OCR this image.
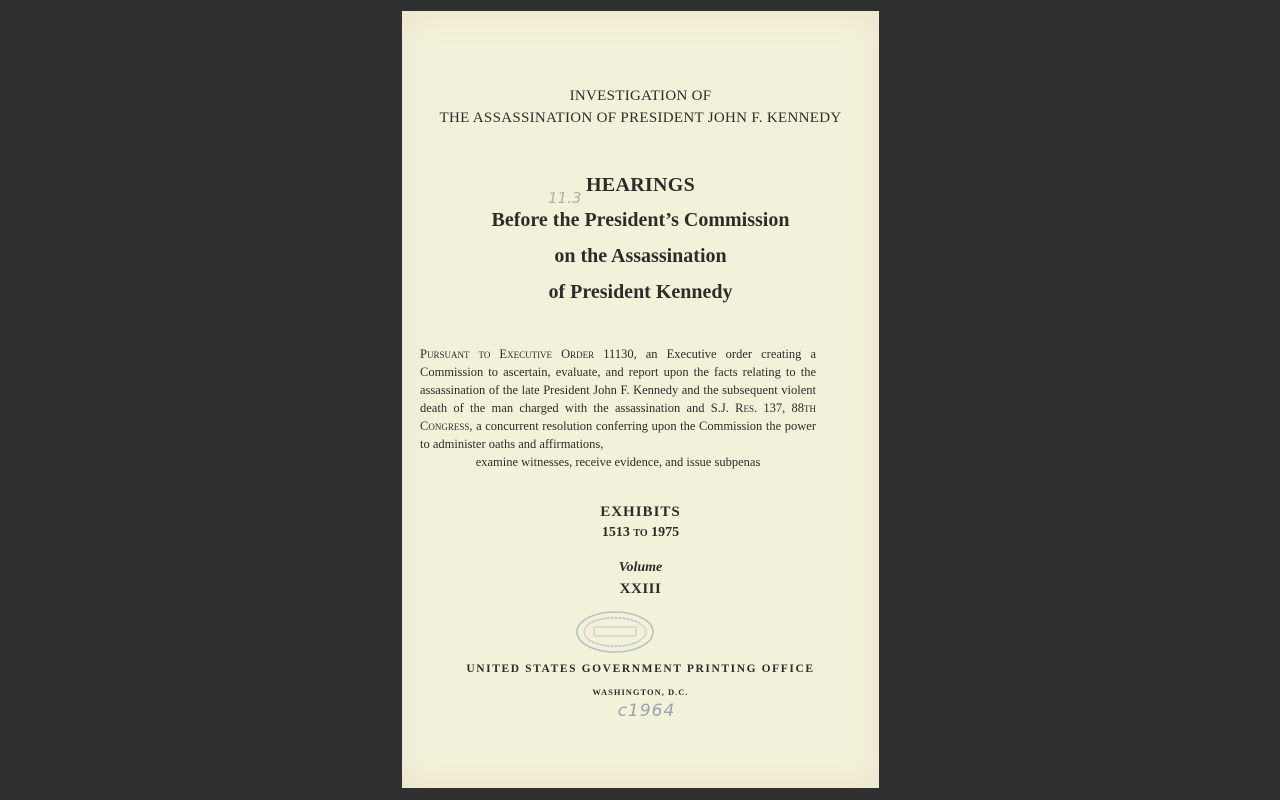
INVESTIGATION OF

THE ASSASSINATION OF PRESIDENT JOHN F. KENNEDY

HEARINGS

11.3

Before the President’s Commission

on the Assassination

of President Kennedy

Pursuant to Executive Order 11130, an Executive order creating a Commission to ascertain, evaluate, and report upon the facts relating to the assassination of the late President John F. Kennedy and the subsequent violent death of the man charged with the assassination and S.J. Res. 137, 88th Congress, a concurrent resolution conferring upon the Commission the power to administer oaths and affirmations,
examine witnesses, receive evidence, and issue subpenas

EXHIBITS

1513 to 1975

Volume

XXIII

UNITED STATES GOVERNMENT PRINTING OFFICE

WASHINGTON, D.C.

c1964
